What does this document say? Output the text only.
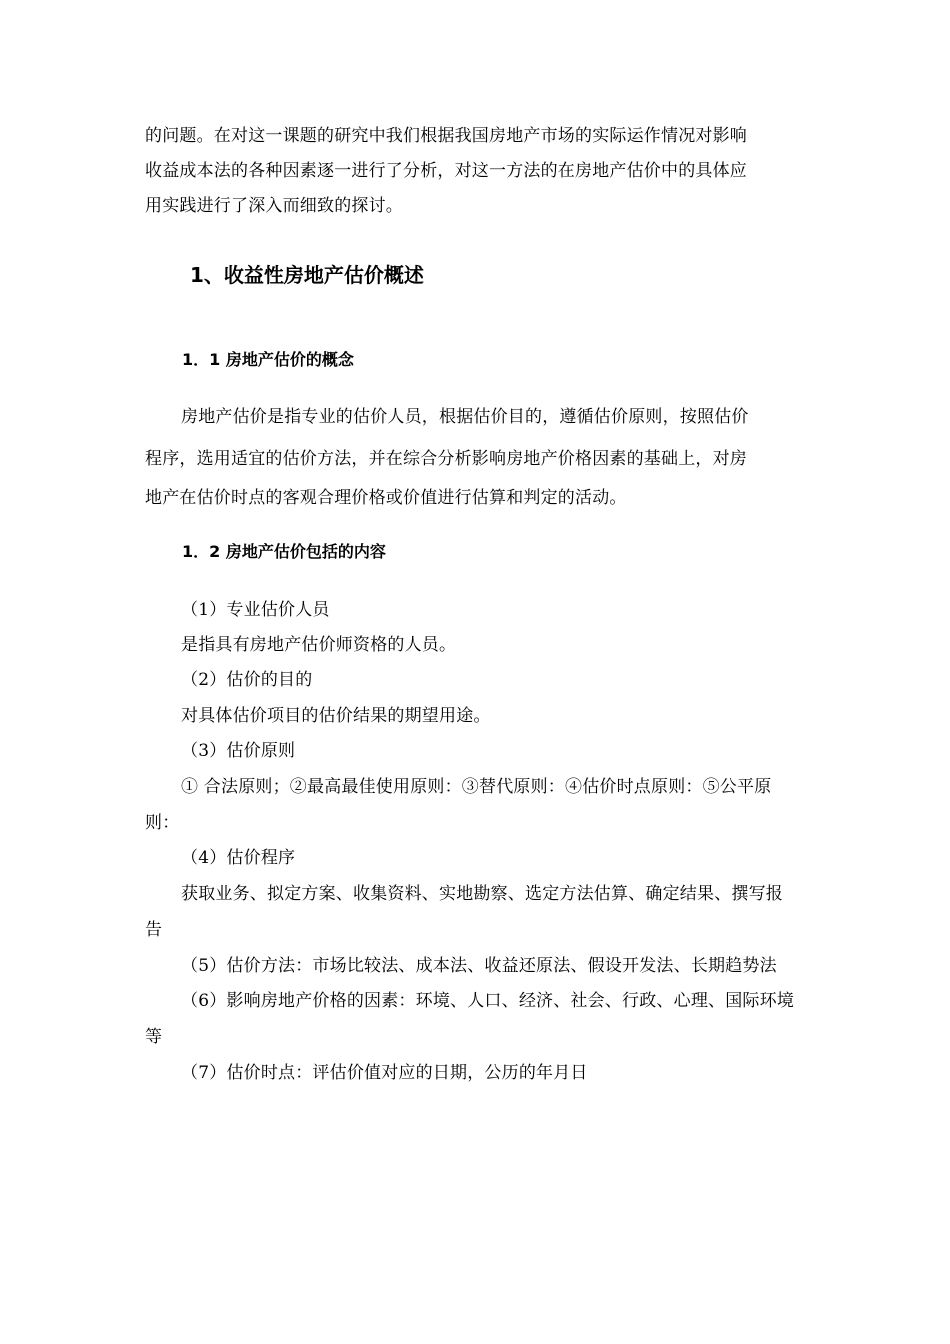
的问题。在对这一课题的研究中我们根据我国房地产市场的实际运作情况对影响
收益成本法的各种因素逐一进行了分析，对这一方法的在房地产估价中的具体应
用实践进行了深入而细致的探讨。
1、收益性房地产估价概述
1．1 房地产估价的概念
房地产估价是指专业的估价人员，根据估价目的，遵循估价原则，按照估价
程序，选用适宜的估价方法，并在综合分析影响房地产价格因素的基础上，对房
地产在估价时点的客观合理价格或价值进行估算和判定的活动。
1．2 房地产估价包括的内容
（1）专业估价人员
是指具有房地产估价师资格的人员。
（2）估价的目的
对具体估价项目的估价结果的期望用途。
（3）估价原则
① 合法原则；②最高最佳使用原则：③替代原则：④估价时点原则：⑤公平原
则：
（4）估价程序
获取业务、拟定方案、收集资料、实地勘察、选定方法估算、确定结果、撰写报
告
（5）估价方法：市场比较法、成本法、收益还原法、假设开发法、长期趋势法
（6）影响房地产价格的因素：环境、人口、经济、社会、行政、心理、国际环境
等
（7）估价时点：评估价值对应的日期，公历的年月日
